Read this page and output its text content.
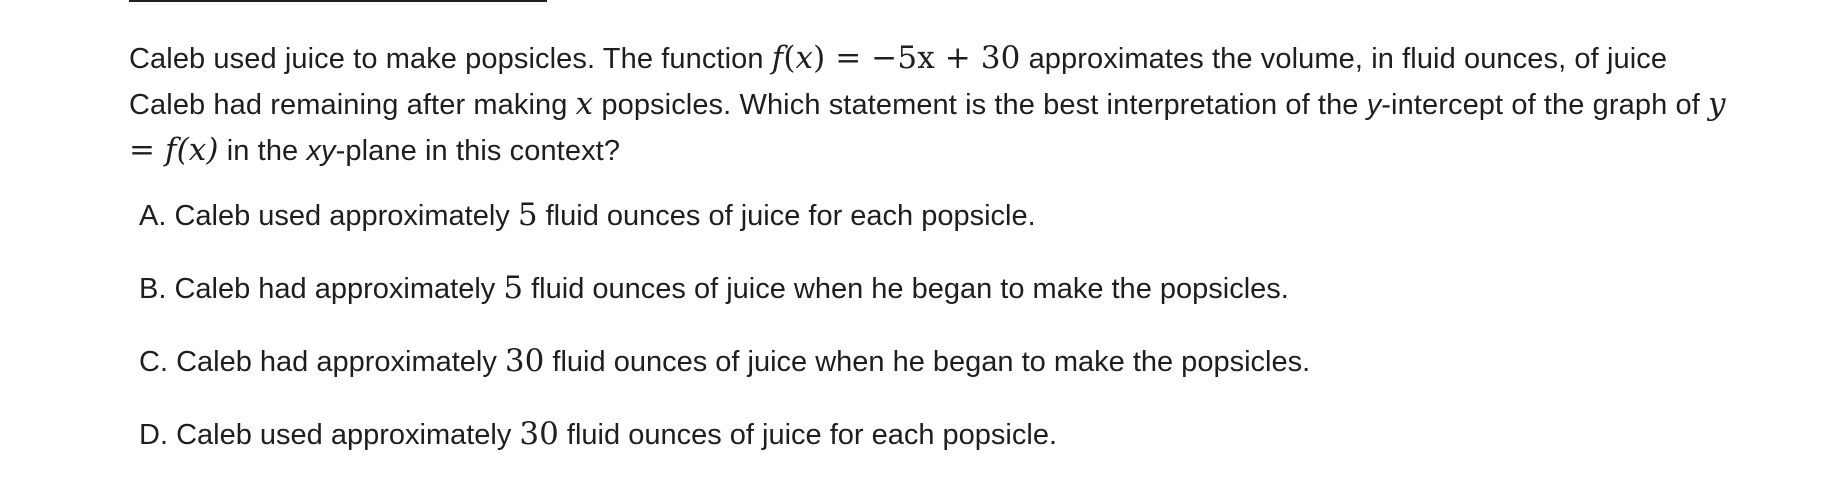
Caleb used juice to make popsicles. The function f(x) = −5x + 30 approximates the volume, in fluid ounces, of juice Caleb had remaining after making x popsicles. Which statement is the best interpretation of the y-intercept of the graph of y = f(x) in the xy-plane in this context?
A. Caleb used approximately 5 fluid ounces of juice for each popsicle.
B. Caleb had approximately 5 fluid ounces of juice when he began to make the popsicles.
C. Caleb had approximately 30 fluid ounces of juice when he began to make the popsicles.
D. Caleb used approximately 30 fluid ounces of juice for each popsicle.
